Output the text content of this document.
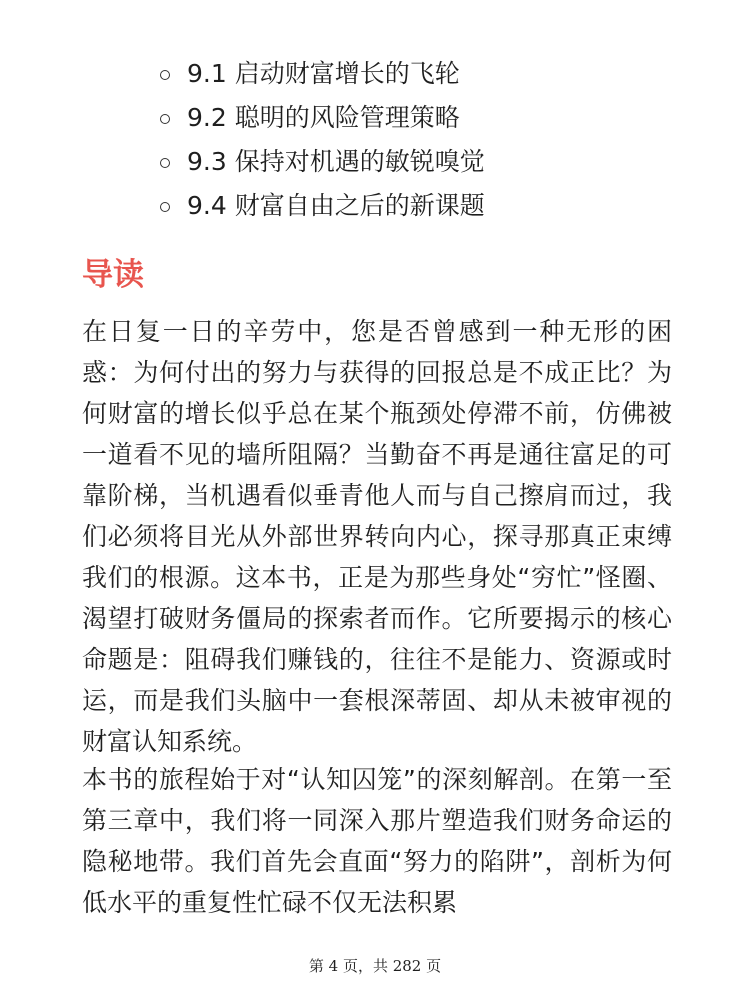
9.1 启动财富增长的飞轮
9.2 聪明的风险管理策略
9.3 保持对机遇的敏锐嗅觉
9.4 财富自由之后的新课题
导读

在日复一日的辛劳中，您是否曾感到一种无形的困惑：为何付出的努力与获得的回报总是不成正比？为何财富的增长似乎总在某个瓶颈处停滞不前，仿佛被一道看不见的墙所阻隔？当勤奋不再是通往富足的可靠阶梯，当机遇看似垂青他人而与自己擦肩而过，我们必须将目光从外部世界转向内心，探寻那真正束缚我们的根源。这本书，正是为那些身处“穷忙”怪圈、渴望打破财务僵局的探索者而作。它所要揭示的核心命题是：阻碍我们赚钱的，往往不是能力、资源或时运，而是我们头脑中一套根深蒂固、却从未被审视的财富认知系统。

本书的旅程始于对“认知囚笼”的深刻解剖。在第一至第三章中，我们将一同深入那片塑造我们财务命运的隐秘地带。我们首先会直面“努力的陷阱”，剖析为何低水平的重复性忙碌不仅无法积累

第 4 页，共 282 页
